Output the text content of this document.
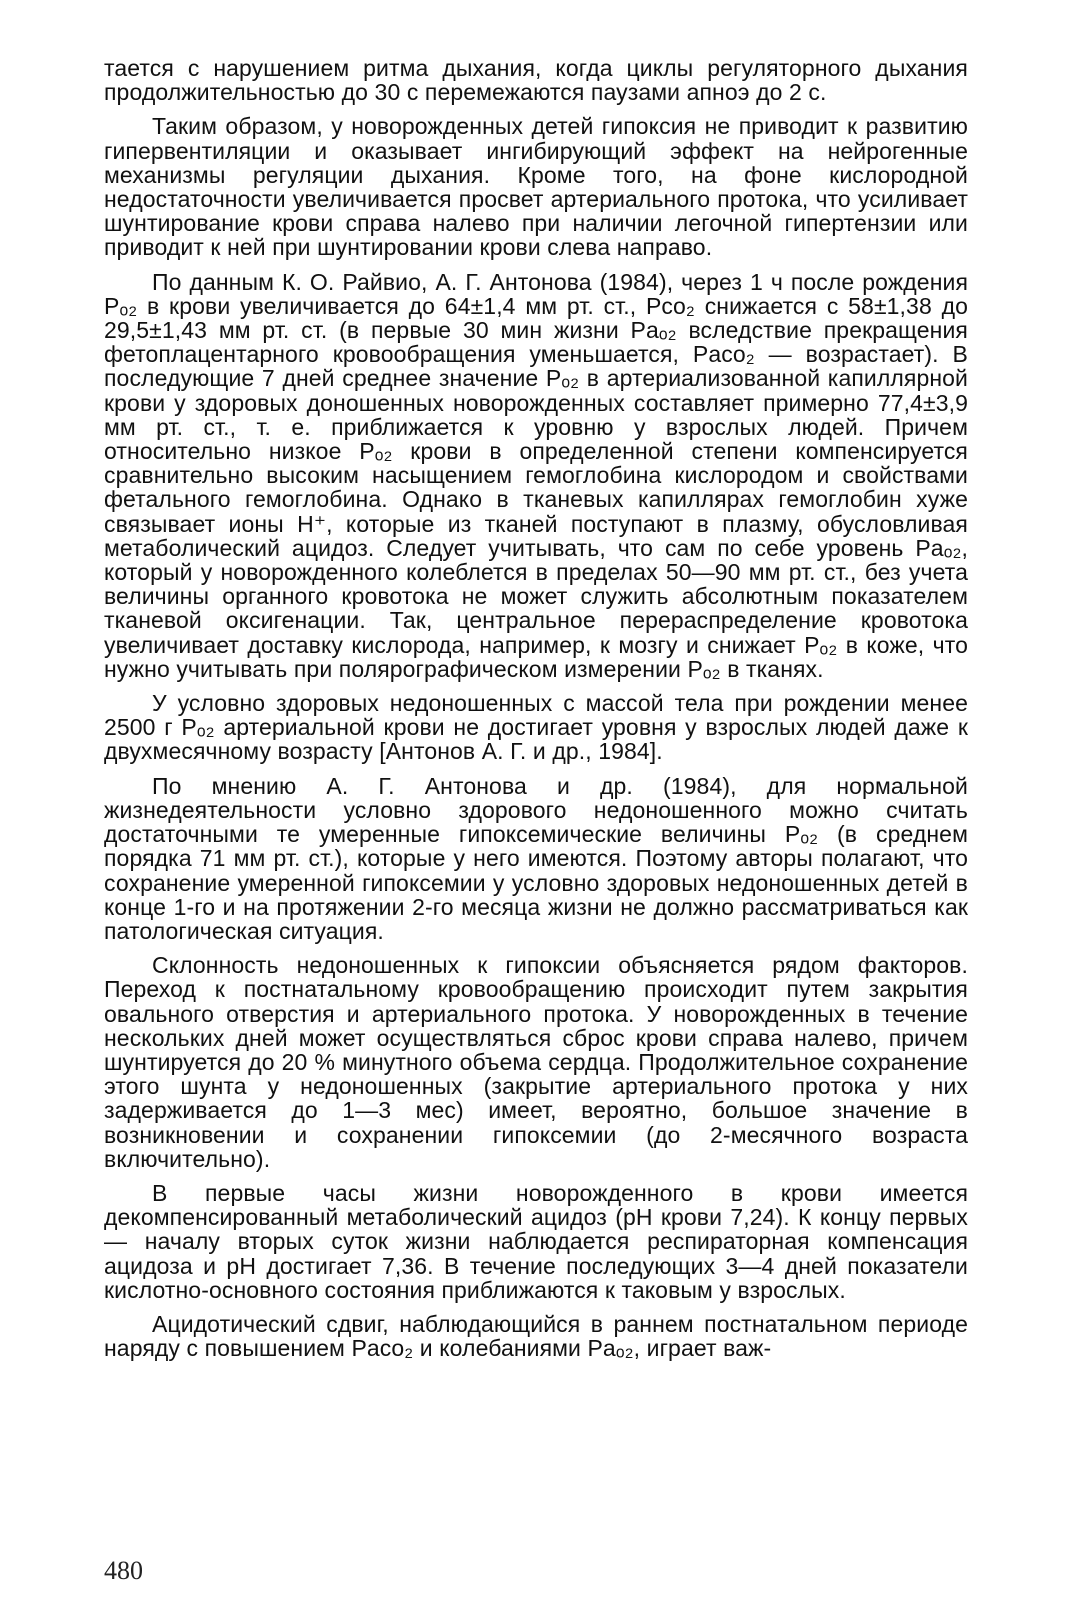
тается с нарушением ритма дыхания, когда циклы регуляторного дыхания продолжительностью до 30 с перемежаются паузами апноэ до 2 с.

Таким образом, у новорожденных детей гипоксия не приводит к развитию гипервентиляции и оказывает ингибирующий эффект на нейрогенные механизмы регуляции дыхания. Кроме того, на фоне кислородной недостаточности увеличивается просвет артериального протока, что усиливает шунтирование крови справа налево при наличии легочной гипертензии или приводит к ней при шунтировании крови слева направо.

По данным К. О. Райвио, А. Г. Антонова (1984), через 1 ч после рождения Pₒ₂ в крови увеличивается до 64±1,4 мм рт. ст., Pco₂ снижается с 58±1,38 до 29,5±1,43 мм рт. ст. (в первые 30 мин жизни Paₒ₂ вследствие прекращения фетоплацентарного кровообращения уменьшается, Paco₂ — возрастает). В последующие 7 дней среднее значение Pₒ₂ в артериализованной капиллярной крови у здоровых доношенных новорожденных составляет примерно 77,4±3,9 мм рт. ст., т. е. приближается к уровню у взрослых людей. Причем относительно низкое Pₒ₂ крови в определенной степени компенсируется сравнительно высоким насыщением гемоглобина кислородом и свойствами фетального гемоглобина. Однако в тканевых капиллярах гемоглобин хуже связывает ионы H⁺, которые из тканей поступают в плазму, обусловливая метаболический ацидоз. Следует учитывать, что сам по себе уровень Paₒ₂, который у новорожденного колеблется в пределах 50—90 мм рт. ст., без учета величины органного кровотока не может служить абсолютным показателем тканевой оксигенации. Так, центральное перераспределение кровотока увеличивает доставку кислорода, например, к мозгу и снижает Pₒ₂ в коже, что нужно учитывать при полярографическом измерении Pₒ₂ в тканях.

У условно здоровых недоношенных с массой тела при рождении менее 2500 г Pₒ₂ артериальной крови не достигает уровня у взрослых людей даже к двухмесячному возрасту [Антонов А. Г. и др., 1984].

По мнению А. Г. Антонова и др. (1984), для нормальной жизнедеятельности условно здорового недоношенного можно считать достаточными те умеренные гипоксемические величины Pₒ₂ (в среднем порядка 71 мм рт. ст.), которые у него имеются. Поэтому авторы полагают, что сохранение умеренной гипоксемии у условно здоровых недоношенных детей в конце 1-го и на протяжении 2-го месяца жизни не должно рассматриваться как патологическая ситуация.

Склонность недоношенных к гипоксии объясняется рядом факторов. Переход к постнатальному кровообращению происходит путем закрытия овального отверстия и артериального протока. У новорожденных в течение нескольких дней может осуществляться сброс крови справа налево, причем шунтируется до 20 % минутного объема сердца. Продолжительное сохранение этого шунта у недоношенных (закрытие артериального протока у них задерживается до 1—3 мес) имеет, вероятно, большое значение в возникновении и сохранении гипоксемии (до 2-месячного возраста включительно).

В первые часы жизни новорожденного в крови имеется декомпенсированный метаболический ацидоз (pH крови 7,24). К концу первых — началу вторых суток жизни наблюдается респираторная компенсация ацидоза и pH достигает 7,36. В течение последующих 3—4 дней показатели кислотно-основного состояния приближаются к таковым у взрослых.

Ацидотический сдвиг, наблюдающийся в раннем постнатальном периоде наряду с повышением Paco₂ и колебаниями Paₒ₂, играет важ-

480
